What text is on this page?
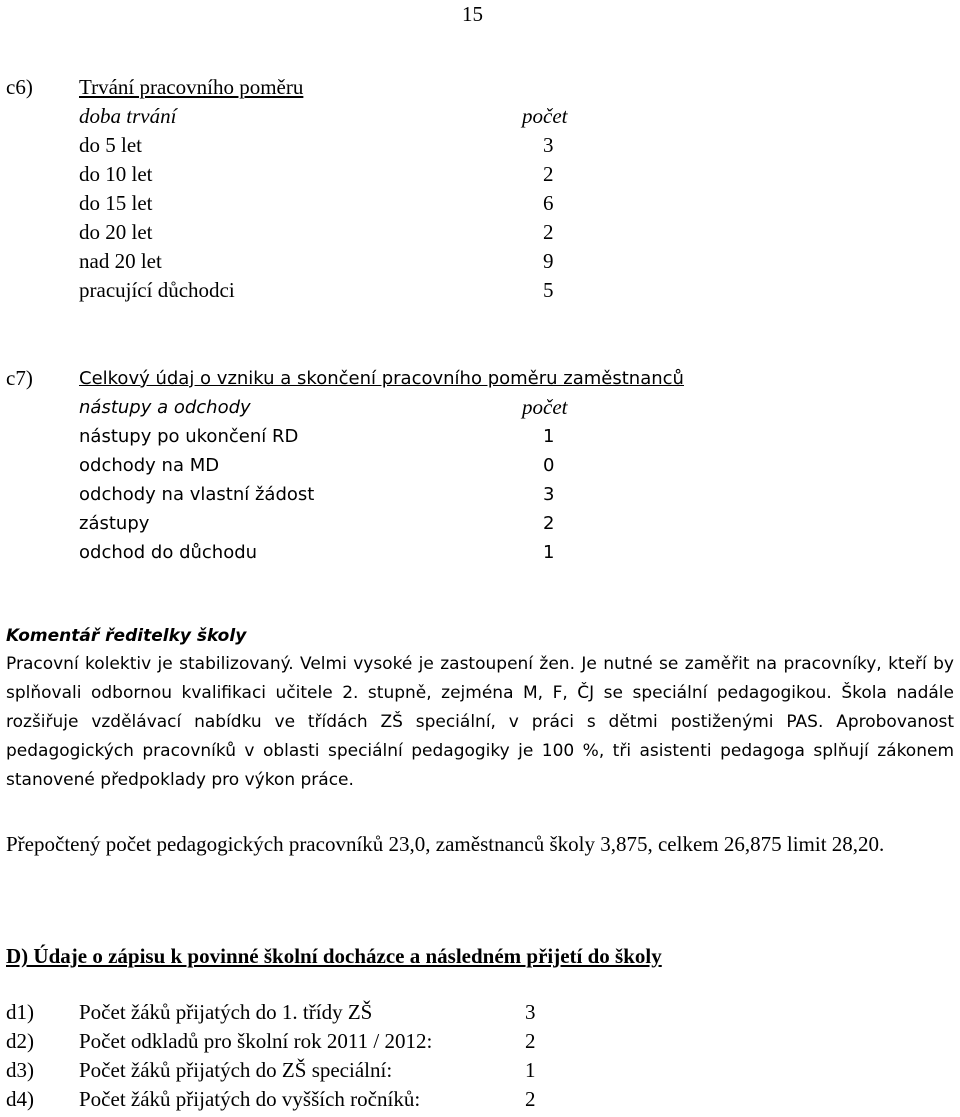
15
c6) Trvání pracovního poměru
doba trvání	počet
do 5 let	3
do 10 let	2
do 15 let	6
do 20 let	2
nad 20 let	9
pracující důchodci	5
c7)	Celkový údaj o vzniku a skončení pracovního poměru zaměstnanců
nástupy a odchody	počet
nástupy po ukončení RD	1
odchody na MD	0
odchody na vlastní žádost	3
zástupy	2
odchod do důchodu	1
Komentář ředitelky školy
Pracovní kolektiv je stabilizovaný. Velmi vysoké je zastoupení žen. Je nutné se zaměřit na pracovníky, kteří by splňovali odbornou kvalifikaci učitele 2. stupně, zejména M, F, ČJ se speciální pedagogikou. Škola nadále rozšiřuje vzdělávací nabídku ve třídách ZŠ speciální, v práci s dětmi postiženými PAS. Aprobovanost pedagogických pracovníků v oblasti speciální pedagogiky je 100 %, tři asistenti pedagoga splňují zákonem stanovené předpoklady pro výkon práce.
Přepočtený počet pedagogických pracovníků 23,0, zaměstnanců školy 3,875, celkem 26,875 limit 28,20.
D) Údaje o zápisu k povinné školní docházce a následném přijetí do školy
d1) Počet žáků přijatých do 1. třídy ZŠ	3
d2) Počet odkladů pro školní rok 2011 / 2012:	2
d3) Počet žáků přijatých do ZŠ speciální:	1
d4) Počet žáků přijatých do vyšších ročníků:	2
